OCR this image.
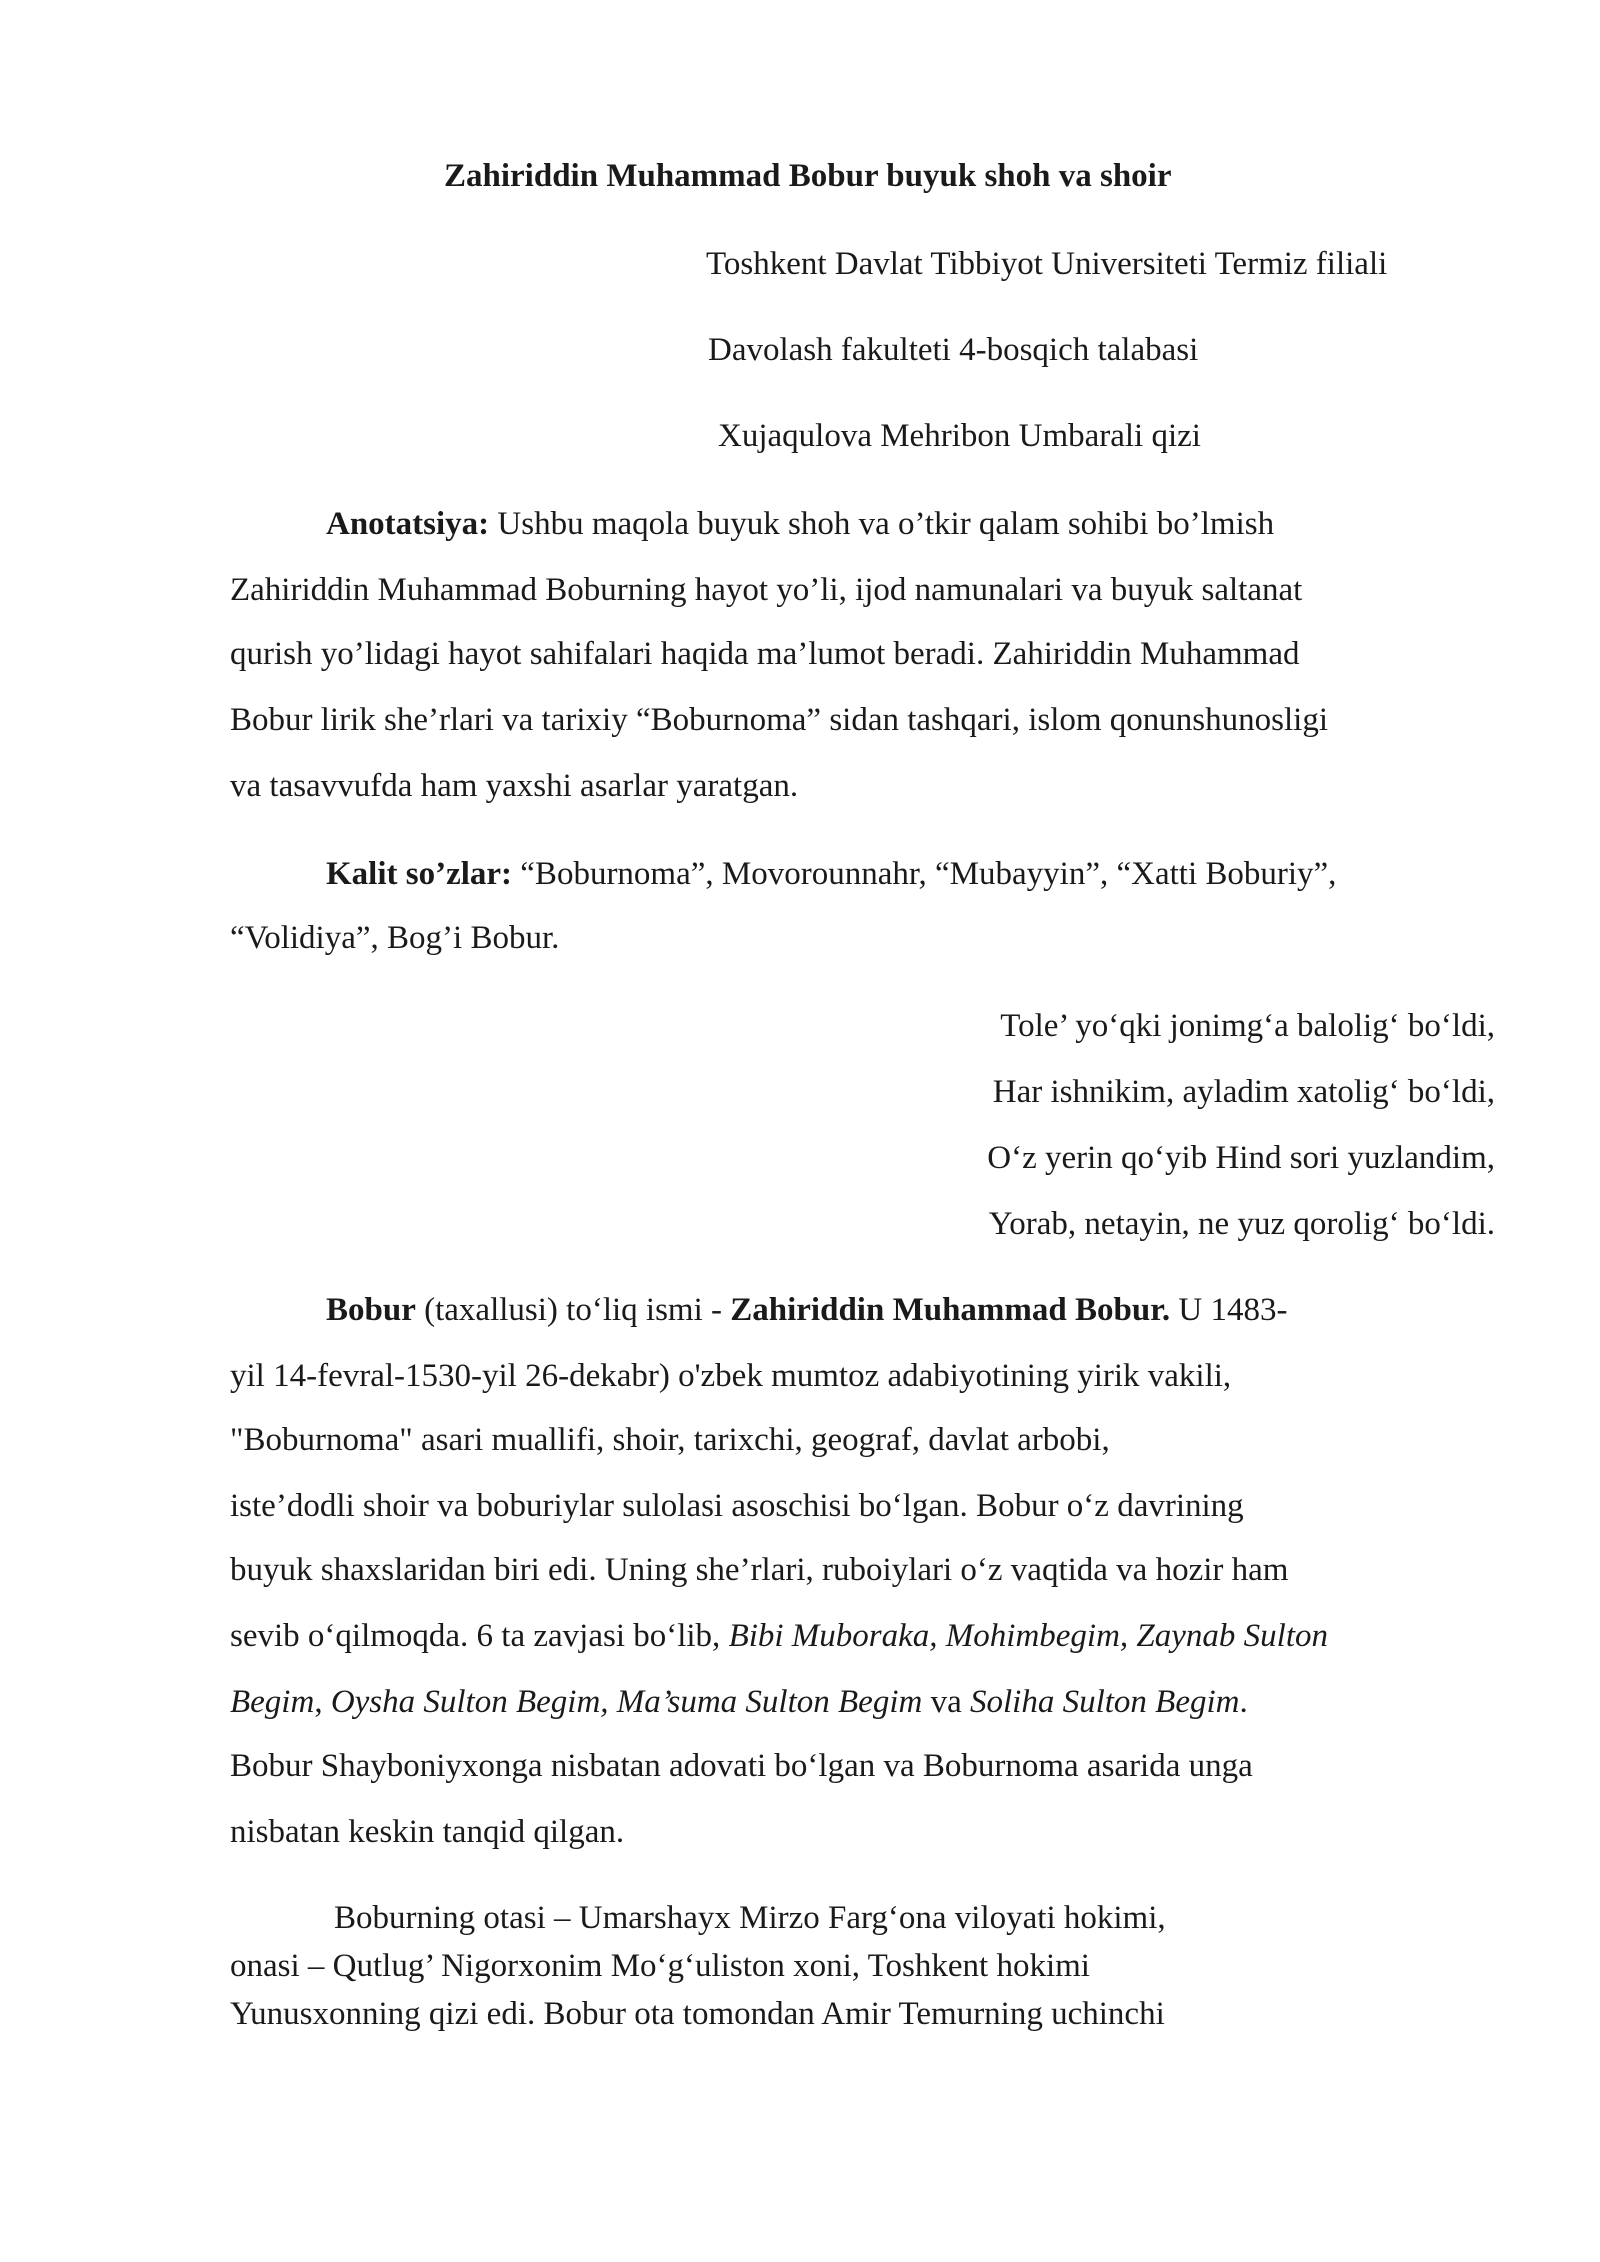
Zahiriddin Muhammad Bobur buyuk shoh va shoir

Toshkent Davlat Tibbiyot Universiteti Termiz filiali

Davolash fakulteti 4-bosqich talabasi

Xujaqulova Mehribon Umbarali qizi

Anotatsiya: Ushbu maqola buyuk shoh va o’tkir qalam sohibi bo’lmish

Zahiriddin Muhammad Boburning hayot yo’li, ijod namunalari va buyuk saltanat

qurish yo’lidagi hayot sahifalari haqida ma’lumot beradi. Zahiriddin Muhammad

Bobur lirik she’rlari va tarixiy “Boburnoma” sidan tashqari, islom qonunshunosligi

va tasavvufda ham yaxshi asarlar yaratgan.

Kalit so’zlar: “Boburnoma”, Movorounnahr, “Mubayyin”, “Xatti Boburiy”,

“Volidiya”, Bog’i Bobur.

Tole’ yo‘qki jonimg‘a balolig‘ bo‘ldi,

Har ishnikim, ayladim xatolig‘ bo‘ldi,

O‘z yerin qo‘yib Hind sori yuzlandim,

Yorab, netayin, ne yuz qorolig‘ bo‘ldi.

Bobur (taxallusi) to‘liq ismi - Zahiriddin Muhammad Bobur. U 1483-

yil 14-fevral-1530-yil 26-dekabr) o'zbek mumtoz adabiyotining yirik vakili,

"Boburnoma" asari muallifi, shoir, tarixchi, geograf, davlat arbobi,

iste’dodli shoir va boburiylar sulolasi asoschisi bo‘lgan. Bobur o‘z davrining

buyuk shaxslaridan biri edi. Uning she’rlari, ruboiylari o‘z vaqtida va hozir ham

sevib o‘qilmoqda. 6 ta zavjasi bo‘lib, Bibi Muboraka, Mohimbegim, Zaynab Sulton

Begim, Oysha Sulton Begim, Ma’suma Sulton Begim va Soliha Sulton Begim.

Bobur Shayboniyxonga nisbatan adovati bo‘lgan va Boburnoma asarida unga

nisbatan keskin tanqid qilgan.

Boburning otasi – Umarshayx Mirzo Farg‘ona viloyati hokimi,

onasi – Qutlug’ Nigorxonim Mo‘g‘uliston xoni, Toshkent hokimi

Yunusxonning qizi edi. Bobur ota tomondan Amir Temurning uchinchi
